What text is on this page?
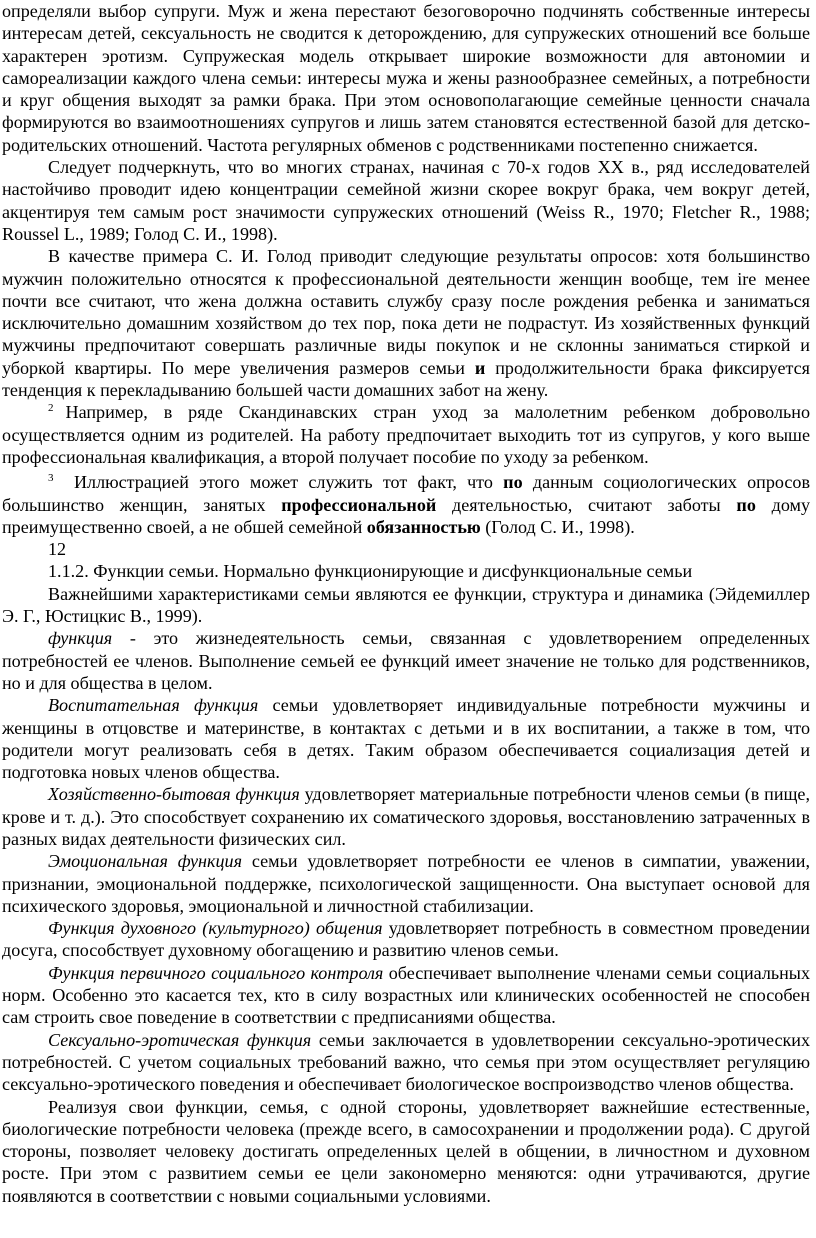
определяли выбор супруги. Муж и жена перестают безоговорочно подчинять собственные интересы интересам детей, сексуальность не сводится к деторождению, для супружеских отношений все больше характерен эротизм. Супружеская модель открывает широкие возможности для автономии и самореализации каждого члена семьи: интересы мужа и жены разнообразнее семейных, а потребности и круг общения выходят за рамки брака. При этом основополагающие семейные ценности сначала формируются во взаимоотношениях супругов и лишь затем становятся естественной базой для детско-родительских отношений. Частота регулярных обменов с родственниками постепенно снижается.

Следует подчеркнуть, что во многих странах, начиная с 70-х годов XX в., ряд исследователей настойчиво проводит идею концентрации семейной жизни скорее вокруг брака, чем вокруг детей, акцентируя тем самым рост значимости супружеских отношений (Weiss R., 1970; Fletcher R., 1988; Roussel L., 1989; Голод С. И., 1998).

В качестве примера С. И. Голод приводит следующие результаты опросов: хотя большинство мужчин положительно относятся к профессиональной деятельности женщин вообще, тем ire менее почти все считают, что жена должна оставить службу сразу после рождения ребенка и заниматься исключительно домашним хозяйством до тех пор, пока дети не подрастут. Из хозяйственных функций мужчины предпочитают совершать различные виды покупок и не склонны заниматься стиркой и уборкой квартиры. По мере увеличения размеров семьи и продолжительности брака фиксируется тенденция к перекладыванию большей части домашних забот на жену.

$^2$ Например, в ряде Скандинавских стран уход за малолетним ребенком добровольно осуществляется одним из родителей. На работу предпочитает выходить тот из супругов, у кого выше профессиональная квалификация, а второй получает пособие по уходу за ребенком.

$^3$ Иллюстрацией этого может служить тот факт, что по данным социологических опросов большинство женщин, занятых профессиональной деятельностью, считают заботы по дому преимущественно своей, а не обшей семейной обязанностью (Голод С. И., 1998).

12

1.1.2. Функции семьи. Нормально функционирующие и дисфункциональные семьи

Важнейшими характеристиками семьи являются ее функции, структура и динамика (Эйдемиллер Э. Г., Юстицкис В., 1999).

функция - это жизнедеятельность семьи, связанная с удовлетворением определенных потребностей ее членов. Выполнение семьей ее функций имеет значение не только для родственников, но и для общества в целом.

Воспитательная функция семьи удовлетворяет индивидуальные потребности мужчины и женщины в отцовстве и материнстве, в контактах с детьми и в их воспитании, а также в том, что родители могут реализовать себя в детях. Таким образом обеспечивается социализация детей и подготовка новых членов общества.

Хозяйственно-бытовая функция удовлетворяет материальные потребности членов семьи (в пище, крове и т. д.). Это способствует сохранению их соматического здоровья, восстановлению затраченных в разных видах деятельности физических сил.

Эмоциональная функция семьи удовлетворяет потребности ее членов в симпатии, уважении, признании, эмоциональной поддержке, психологической защищенности. Она выступает основой для психического здоровья, эмоциональной и личностной стабилизации.

Функция духовного (культурного) общения удовлетворяет потребность в совместном проведении досуга, способствует духовному обогащению и развитию членов семьи.

Функция первичного социального контроля обеспечивает выполнение членами семьи социальных норм. Особенно это касается тех, кто в силу возрастных или клинических особенностей не способен сам строить свое поведение в соответствии с предписаниями общества.

Сексуально-эротическая функция семьи заключается в удовлетворении сексуально-эротических потребностей. С учетом социальных требований важно, что семья при этом осуществляет регуляцию сексуально-эротического поведения и обеспечивает биологическое воспроизводство членов общества.

Реализуя свои функции, семья, с одной стороны, удовлетворяет важнейшие естественные, биологические потребности человека (прежде всего, в самосохранении и продолжении рода). С другой стороны, позволяет человеку достигать определенных целей в общении, в личностном и духовном росте. При этом с развитием семьи ее цели закономерно меняются: одни утрачиваются, другие появляются в соответствии с новыми социальными условиями.
